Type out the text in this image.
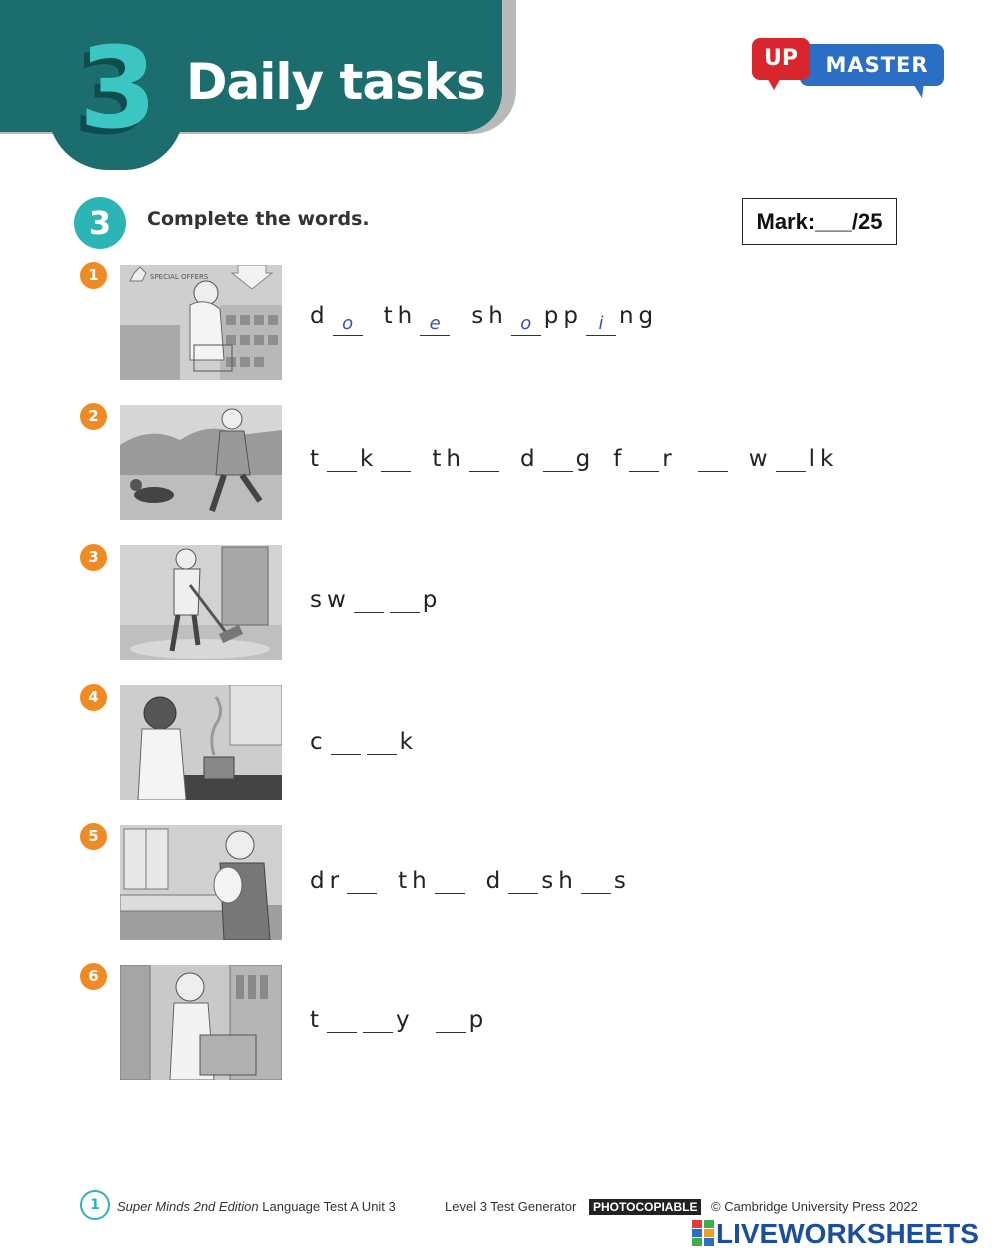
3 Daily tasks	MASTER
UP
3	Complete the words.	Mark:___/25
1	SPECIAL OFFERS
d o th e sh o pp i ng
2
t k th d g f r	w lk
3
sw	p
4
c	k
5
dr th d sh s
6
t	y p
1	Super Minds 2nd Edition Language Test A Unit 3	Level 3 Test Generator	PHOTOCOPIABLE	© Cambridge University Press 2022
LIVEWORKSHEETS
